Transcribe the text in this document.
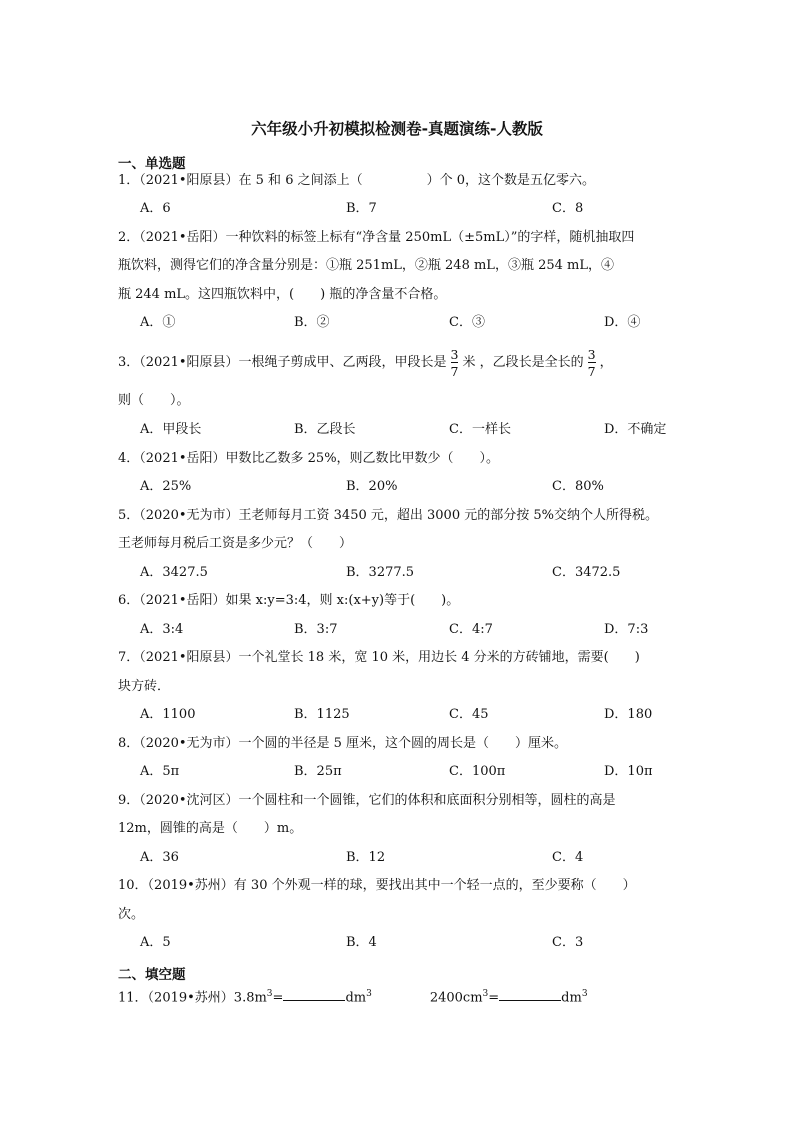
六年级小升初模拟检测卷-真题演练-人教版
一、单选题
1．（2021•阳原县）在 5 和 6 之间添上（	）个 0，这个数是五亿零六。
A．6	B．7	C．8
2．（2021•岳阳）一种饮料的标签上标有“净含量 250mL（±5mL）”的字样，随机抽取四
瓶饮料，测得它们的净含量分别是：①瓶 251mL，②瓶 248 mL，③瓶 254 mL，④
瓶 244 mL。这四瓶饮料中，(　　) 瓶的净含量不合格。
A．①	B．②	C．③	D．④
3．（2021•阳原县）一根绳子剪成甲、乙两段，甲段长是 $\frac{3}{7}$ 米 ，乙段长是全长的 $\frac{3}{7}$ ，
则（　　）。
A．甲段长	B．乙段长	C．一样长	D．不确定
4．（2021•岳阳）甲数比乙数多 25%，则乙数比甲数少（　　）。
A．25%	B．20%	C．80%
5．（2020•无为市）王老师每月工资 3450 元，超出 3000 元的部分按 5%交纳个人所得税。
王老师每月税后工资是多少元？（　　）
A．3427.5	B．3277.5	C．3472.5
6．（2021•岳阳）如果 x:y=3:4，则 x:(x+y)等于(　　)。
A．3:4	B．3:7	C．4:7	D．7:3
7．（2021•阳原县）一个礼堂长 18 米，宽 10 米，用边长 4 分米的方砖铺地，需要(　　)
块方砖．
A．1100	B．1125	C．45	D．180
8．（2020•无为市）一个圆的半径是 5 厘米，这个圆的周长是（　　）厘米。
A．5π	B．25π	C．100π	D．10π
9．（2020•沈河区）一个圆柱和一个圆锥，它们的体积和底面积分别相等，圆柱的高是
12m，圆锥的高是（　　）m。
A．36	B．12	C．4
10．（2019•苏州）有 30 个外观一样的球，要找出其中一个轻一点的，至少要称（　　）
次。
A．5	B．4	C．3
二、填空题
11．（2019•苏州）$3.8m^3=$	$dm^3$	$2400cm^3=$	$dm^3$
